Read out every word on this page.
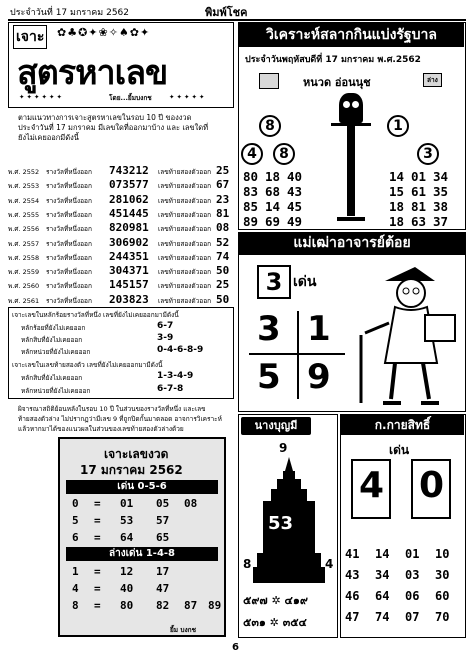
ประจำวันที่ 17 มกราคม 2562	พิมพ์โชค
เจาะ ✿♣✪✦❀✧♠✿✦
สูตรหาเลข
✦ ✦ ✦ ✦ ✦ ✦	โดย...ยิ้มบงกช	✦ ✦ ✦ ✦ ✦
ตามแนวทางการเจาะสูตรหาเลขในรอบ 10 ปี ของงวด
ประจำวันที่ 17 มกราคม มีเลขใดที่ออกมาบ้าง และ เลขใดที่
ยังไม่เคยออกมีดังนี้
พ.ศ. 2552 รางวัลที่หนึ่งออก 743212 เลขท้ายสองตัวออก 25
พ.ศ. 2553 รางวัลที่หนึ่งออก 073577 เลขท้ายสองตัวออก 67
พ.ศ. 2554 รางวัลที่หนึ่งออก 281062 เลขท้ายสองตัวออก 23
พ.ศ. 2555 รางวัลที่หนึ่งออก 451445 เลขท้ายสองตัวออก 81
พ.ศ. 2556 รางวัลที่หนึ่งออก 820981 เลขท้ายสองตัวออก 08
พ.ศ. 2557 รางวัลที่หนึ่งออก 306902 เลขท้ายสองตัวออก 52
พ.ศ. 2558 รางวัลที่หนึ่งออก 244351 เลขท้ายสองตัวออก 74
พ.ศ. 2559 รางวัลที่หนึ่งออก 304371 เลขท้ายสองตัวออก 50
พ.ศ. 2560 รางวัลที่หนึ่งออก 145157 เลขท้ายสองตัวออก 25
พ.ศ. 2561 รางวัลที่หนึ่งออก 203823 เลขท้ายสองตัวออก 50
เจาะเลขในหลักร้อยรางวัลที่หนึ่ง เลขที่ยังไม่เคยออกมามีดังนี้
หลักร้อยที่ยังไม่เคยออก	6-7
หลักสิบที่ยังไม่เคยออก	3-9
หลักหน่วยที่ยังไม่เคยออก	0-4-6-8-9
เจาะเลขในเลขท้ายสองตัว เลขที่ยังไม่เคยออกมามีดังนี้
หลักสิบที่ยังไม่เคยออก	1-3-4-9
หลักหน่วยที่ยังไม่เคยออก	6-7-8
ผิจารณาสถิติย้อนหลังในรอบ 10 ปี ในส่วนของรางวัลที่หนึ่ง และเลข
ท้ายสองตัวล่าง ไม่ปรากฏว่ามีเลข 9 ที่ถูกปิดกั้นมาตลอด อาจการวิเคราะห์
แล้วหากมาได้ของแนวผลในส่วนของเลขท้ายสองตัวล่างด้วย
เจาะเลขงวด
17 มกราคม 2562
เด่น 0-5-6
0 = 01 05 08
5 = 53 57
6 = 64 65
ล่างเด่น 1-4-8
1 = 12 17
4 = 40 47
8 = 80 82 87 89
ยิ้ม บงกช
วิเคราะห์สลากกินแบ่งรัฐบาล
ประจำวันพฤหัสบดีที่ 17 มกราคม พ.ศ.2562
หนวด อ่อนนุช	ล่าง
8	1
4	8	3
80 18 40
83 68 43
85 14 45
89 69 49
14 01 34
15 61 35
18 81 38
18 63 37
แม่เฒ่าอาจารย์ต้อย
3 เด่น
3 1
5 9
นางบุญมี
9
53
8	4
๕๙๗ ✲ ๔๑๙
๕๓๑ ✲ ๓๕๔
ก.กายสิทธิ์
เด่น
4 0
41 14 01 10
43 34 03 30
46 64 06 60
47 74 07 70
6
